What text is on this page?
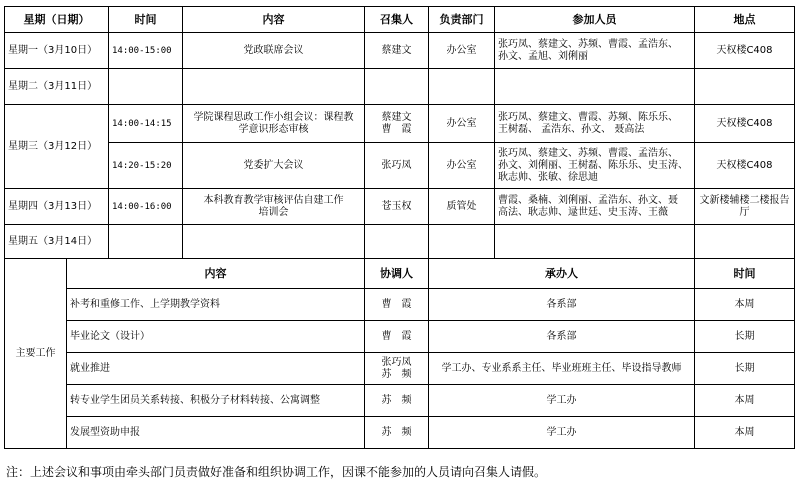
星期（日期）		时间	内容	召集人	负责部门	参加人员	地点
星期一（3月10日）		14:00-15:00	党政联席会议	蔡建文	办公室	张巧凤、蔡建文、苏频、曹霞、孟浩东、
孙文、孟旭、刘俐丽	天权楼C408
星期二（3月11日）							
星期三（3月12日）		14:00-14:15	学院课程思政工作小组会议：课程教
学意识形态审核	蔡建文
曹　霞	办公室	张巧凤、蔡建文、曹霞、苏频、陈乐乐、
王树磊、 孟浩东、孙文、 聂高法	天权楼C408
		14:20-15:20	党委扩大会议	张巧凤	办公室	张巧凤、蔡建文、苏频、曹霞、孟浩东、
孙文、刘俐丽、王树磊、陈乐乐、史玉涛、
耿志帅、张敏、徐思迪	天权楼C408
星期四（3月13日）		14:00-16:00	本科教育教学审核评估自建工作
培训会	苍玉权	质管处	曹霞、桑楠、刘俐丽、孟浩东、孙文、聂
高法、耿志帅、逯世廷、史玉涛、王薇	文新楼辅楼二楼报告
厅

星期五（3月14日）							
主要工作	内容			协调人	承办人		时间
	补考和重修工作、上学期教学资料			曹　霞	各系部		本周
	毕业论文（设计）			曹　霞	各系部		长期
	就业推进			张巧凤
苏　频	学工办、专业系系主任、毕业班班主任、毕设指导教师		长期
	转专业学生团员关系转接、积极分子材料转接、公寓调整			苏　频	学工办		本周
	发展型资助申报			苏　频	学工办		本周
注：上述会议和事项由牵头部门员责做好准备和组织协调工作，因课不能参加的人员请向召集人请假。
